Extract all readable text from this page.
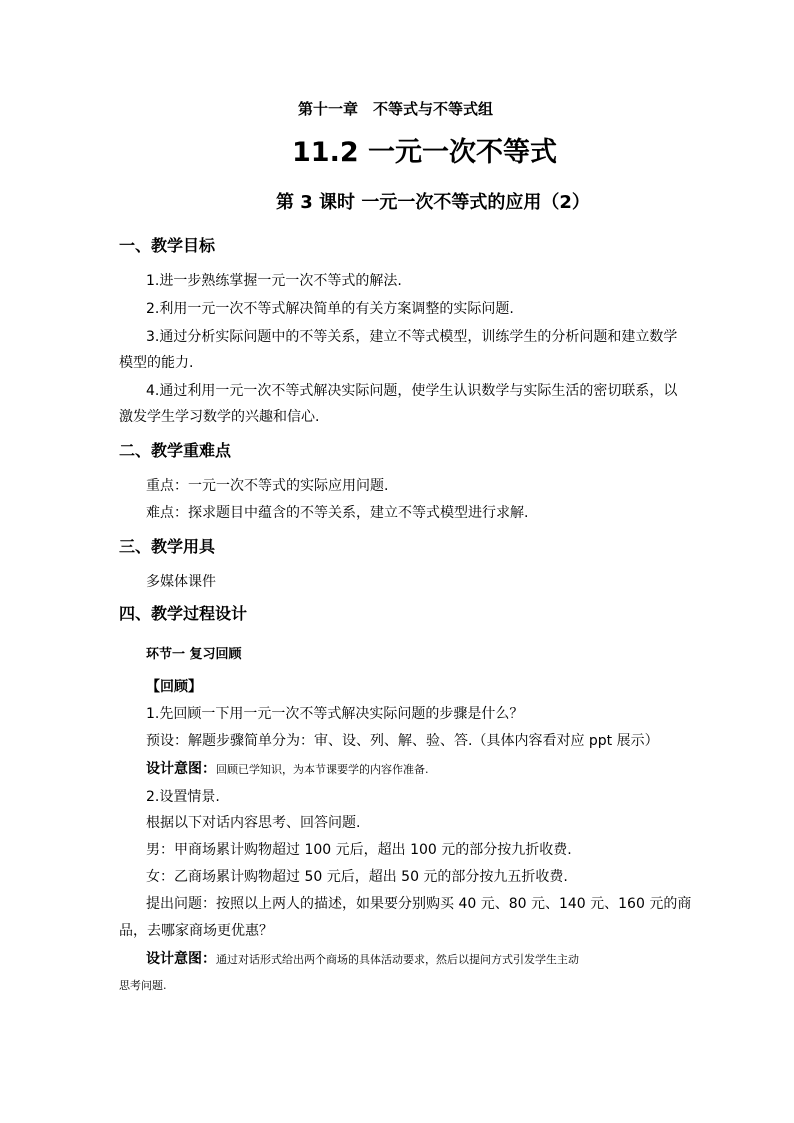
第十一章　不等式与不等式组
11.2 一元一次不等式
第 3 课时 一元一次不等式的应用（2）
一、教学目标
1.进一步熟练掌握一元一次不等式的解法.
2.利用一元一次不等式解决简单的有关方案调整的实际问题.
3.通过分析实际问题中的不等关系，建立不等式模型，训练学生的分析问题和建立数学
模型的能力.
4.通过利用一元一次不等式解决实际问题，使学生认识数学与实际生活的密切联系，以
激发学生学习数学的兴趣和信心.
二、教学重难点
重点：一元一次不等式的实际应用问题.
难点：探求题目中蕴含的不等关系，建立不等式模型进行求解.
三、教学用具
多媒体课件
四、教学过程设计
环节一 复习回顾
【回顾】
1.先回顾一下用一元一次不等式解决实际问题的步骤是什么？
预设：解题步骤简单分为：审、设、列、解、验、答.（具体内容看对应 ppt 展示）
设计意图：回顾已学知识，为本节课要学的内容作准备.
2.设置情景.
根据以下对话内容思考、回答问题.
男：甲商场累计购物超过 100 元后，超出 100 元的部分按九折收费.
女：乙商场累计购物超过 50 元后，超出 50 元的部分按九五折收费.
提出问题：按照以上两人的描述，如果要分别购买 40 元、80 元、140 元、160 元的商
品，去哪家商场更优惠？
设计意图：通过对话形式给出两个商场的具体活动要求，然后以提问方式引发学生主动
思考问题.
